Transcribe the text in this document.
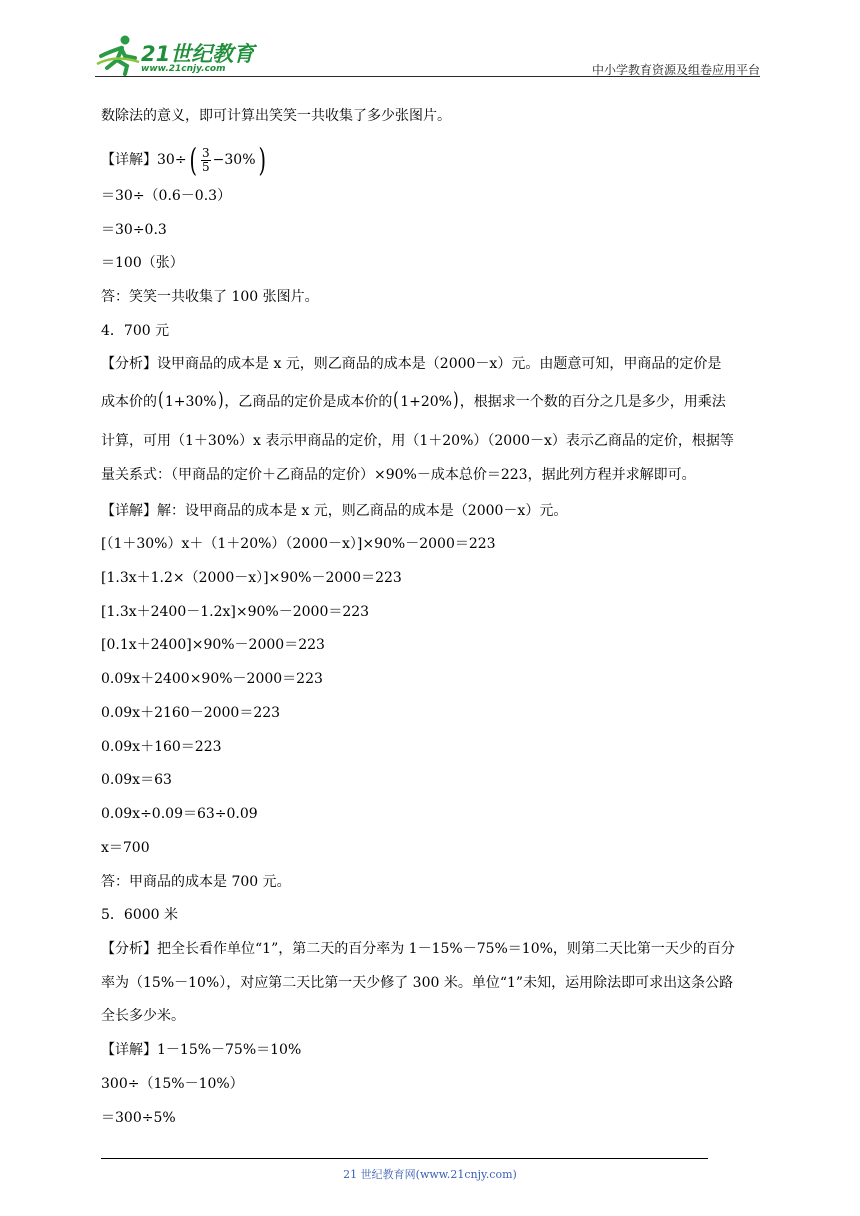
21世纪教育
www.21cnjy.com	中小学教育资源及组卷应用平台
数除法的意义，即可计算出笑笑一共收集了多少张图片。
【详解】30÷ ( $\frac{3}{5} -30\%$ )
＝30÷（0.6－0.3）
＝30÷0.3
＝100（张）
答：笑笑一共收集了 100 张图片。
4．700 元
【分析】设甲商品的成本是 x 元，则乙商品的成本是（2000－x）元。由题意可知，甲商品的定价是
成本价的(1+30%)，乙商品的定价是成本价的(1+20%)，根据求一个数的百分之几是多少，用乘法
计算，可用（1＋30%）x 表示甲商品的定价，用（1＋20%）（2000－x）表示乙商品的定价，根据等
量关系式：（甲商品的定价＋乙商品的定价）×90%－成本总价＝223，据此列方程并求解即可。
【详解】解：设甲商品的成本是 x 元，则乙商品的成本是（2000－x）元。
[（1＋30%）x＋（1＋20%）（2000－x）]×90%－2000＝223
[1.3x＋1.2×（2000－x）]×90%－2000＝223
[1.3x＋2400－1.2x]×90%－2000＝223
[0.1x＋2400]×90%－2000＝223
0.09x＋2400×90%－2000＝223
0.09x＋2160－2000＝223
0.09x＋160＝223
0.09x＝63
0.09x÷0.09＝63÷0.09
x＝700
答：甲商品的成本是 700 元。
5．6000 米
【分析】把全长看作单位“1”，第二天的百分率为 1－15%－75%＝10%，则第二天比第一天少的百分
率为（15%－10%），对应第二天比第一天少修了 300 米。单位“1”未知，运用除法即可求出这条公路
全长多少米。
【详解】1－15%－75%＝10%
300÷（15%－10%）
＝300÷5%
21 世纪教育网(www.21cnjy.com)
